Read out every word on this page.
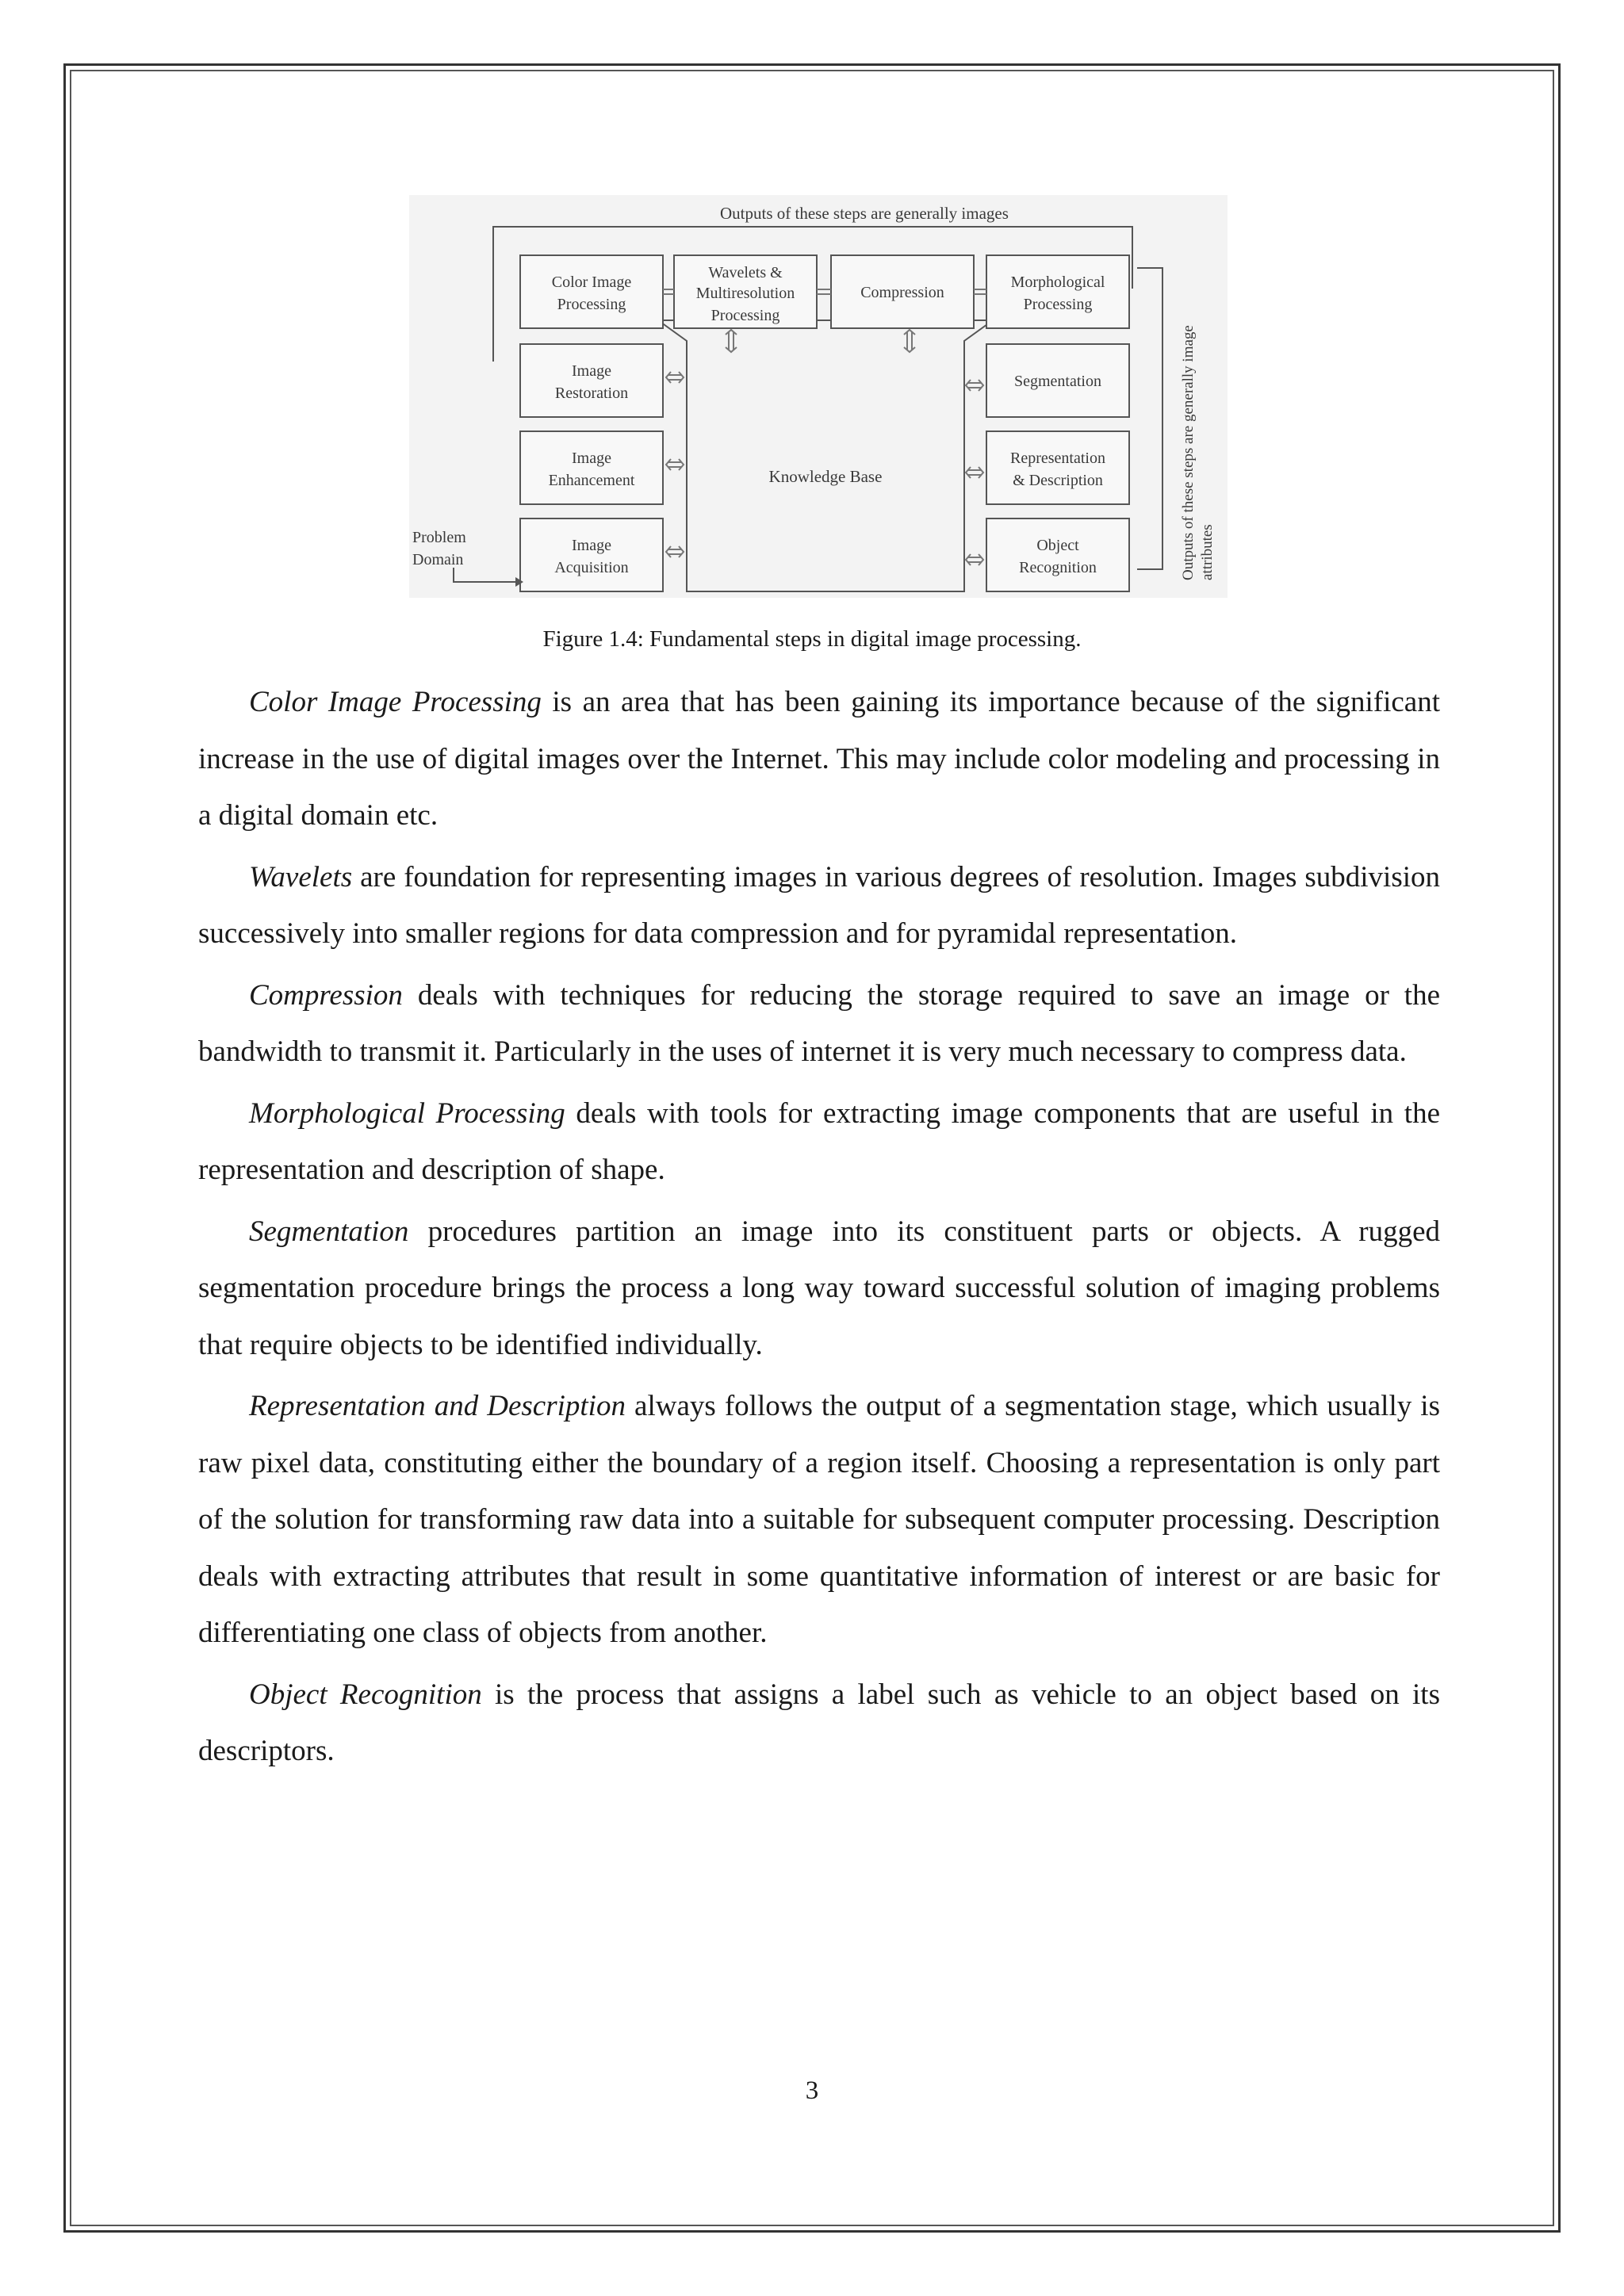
Outputs of these steps are generally images
Outputs of these steps are generally image attributes
Knowledge Base
Color Image
Processing
Image
Restoration
Image
Enhancement
Image
Acquisition
Wavelets &
Multiresolution
Processing
Compression
Morphological
Processing
Segmentation
Representation
& Description
Object
Recognition
Problem
Domain
Figure 1.4: Fundamental steps in digital image processing.

Color Image Processing is an area that has been gaining its importance because of the significant increase in the use of digital images over the Internet. This may include color modeling and processing in a digital domain etc.

Wavelets are foundation for representing images in various degrees of resolution. Images subdivision successively into smaller regions for data compression and for pyramidal representation.

Compression deals with techniques for reducing the storage required to save an image or the bandwidth to transmit it. Particularly in the uses of internet it is very much necessary to compress data.

Morphological Processing deals with tools for extracting image components that are useful in the representation and description of shape.

Segmentation procedures partition an image into its constituent parts or objects. A rugged segmentation procedure brings the process a long way toward successful solution of imaging problems that require objects to be identified individually.

Representation and Description always follows the output of a segmentation stage, which usually is raw pixel data, constituting either the boundary of a region itself. Choosing a representation is only part of the solution for transforming raw data into a suitable for subsequent computer processing. Description deals with extracting attributes that result in some quantitative information of interest or are basic for differentiating one class of objects from another.

Object Recognition is the process that assigns a label such as vehicle to an object based on its descriptors.

3
